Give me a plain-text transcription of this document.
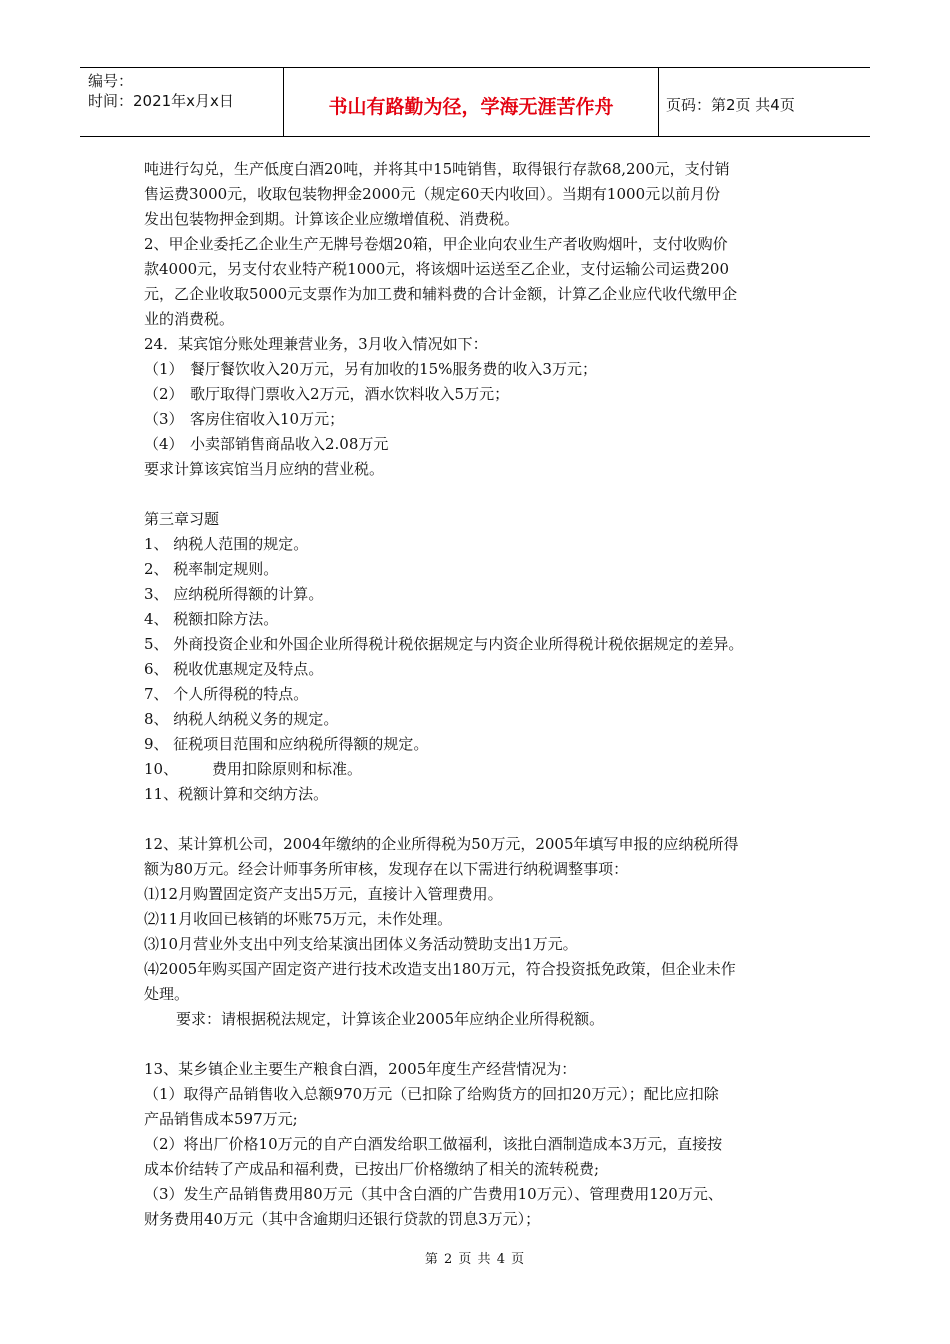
编号：
时间：2021年x月x日	书山有路勤为径，学海无涯苦作舟	页码：第2页 共4页
吨进行勾兑，生产低度白酒20吨，并将其中15吨销售，取得银行存款68,200元，支付销
售运费3000元，收取包装物押金2000元（规定60天内收回）。当期有1000元以前月份
发出包装物押金到期。计算该企业应缴增值税、消费税。
2、甲企业委托乙企业生产无牌号卷烟20箱，甲企业向农业生产者收购烟叶，支付收购价
款4000元，另支付农业特产税1000元，将该烟叶运送至乙企业，支付运输公司运费200
元，乙企业收取5000元支票作为加工费和辅料费的合计金额，计算乙企业应代收代缴甲企
业的消费税。
24．某宾馆分账处理兼营业务，3月收入情况如下：
（1） 餐厅餐饮收入20万元，另有加收的15%服务费的收入3万元；
（2） 歌厅取得门票收入2万元，酒水饮料收入5万元；
（3） 客房住宿收入10万元；
（4） 小卖部销售商品收入2.08万元
要求计算该宾馆当月应纳的营业税。
第三章习题
1、 纳税人范围的规定。
2、 税率制定规则。
3、 应纳税所得额的计算。
4、 税额扣除方法。
5、 外商投资企业和外国企业所得税计税依据规定与内资企业所得税计税依据规定的差异。
6、 税收优惠规定及特点。
7、 个人所得税的特点。
8、 纳税人纳税义务的规定。
9、 征税项目范围和应纳税所得额的规定。
10、 费用扣除原则和标准。
11、税额计算和交纳方法。
12、某计算机公司，2004年缴纳的企业所得税为50万元，2005年填写申报的应纳税所得
额为80万元。经会计师事务所审核，发现存在以下需进行纳税调整事项：
⑴12月购置固定资产支出5万元，直接计入管理费用。
⑵11月收回已核销的坏账75万元，未作处理。
⑶10月营业外支出中列支给某演出团体义务活动赞助支出1万元。
⑷2005年购买国产固定资产进行技术改造支出180万元，符合投资抵免政策，但企业未作
处理。
要求：请根据税法规定，计算该企业2005年应纳企业所得税额。
13、某乡镇企业主要生产粮食白酒，2005年度生产经营情况为：
（1）取得产品销售收入总额970万元（已扣除了给购货方的回扣20万元）；配比应扣除
产品销售成本597万元;
（2）将出厂价格10万元的自产白酒发给职工做福利，该批白酒制造成本3万元，直接按
成本价结转了产成品和福利费，已按出厂价格缴纳了相关的流转税费;
（3）发生产品销售费用80万元（其中含白酒的广告费用10万元）、管理费用120万元、
财务费用40万元（其中含逾期归还银行贷款的罚息3万元）；
第 2 页 共 4 页
